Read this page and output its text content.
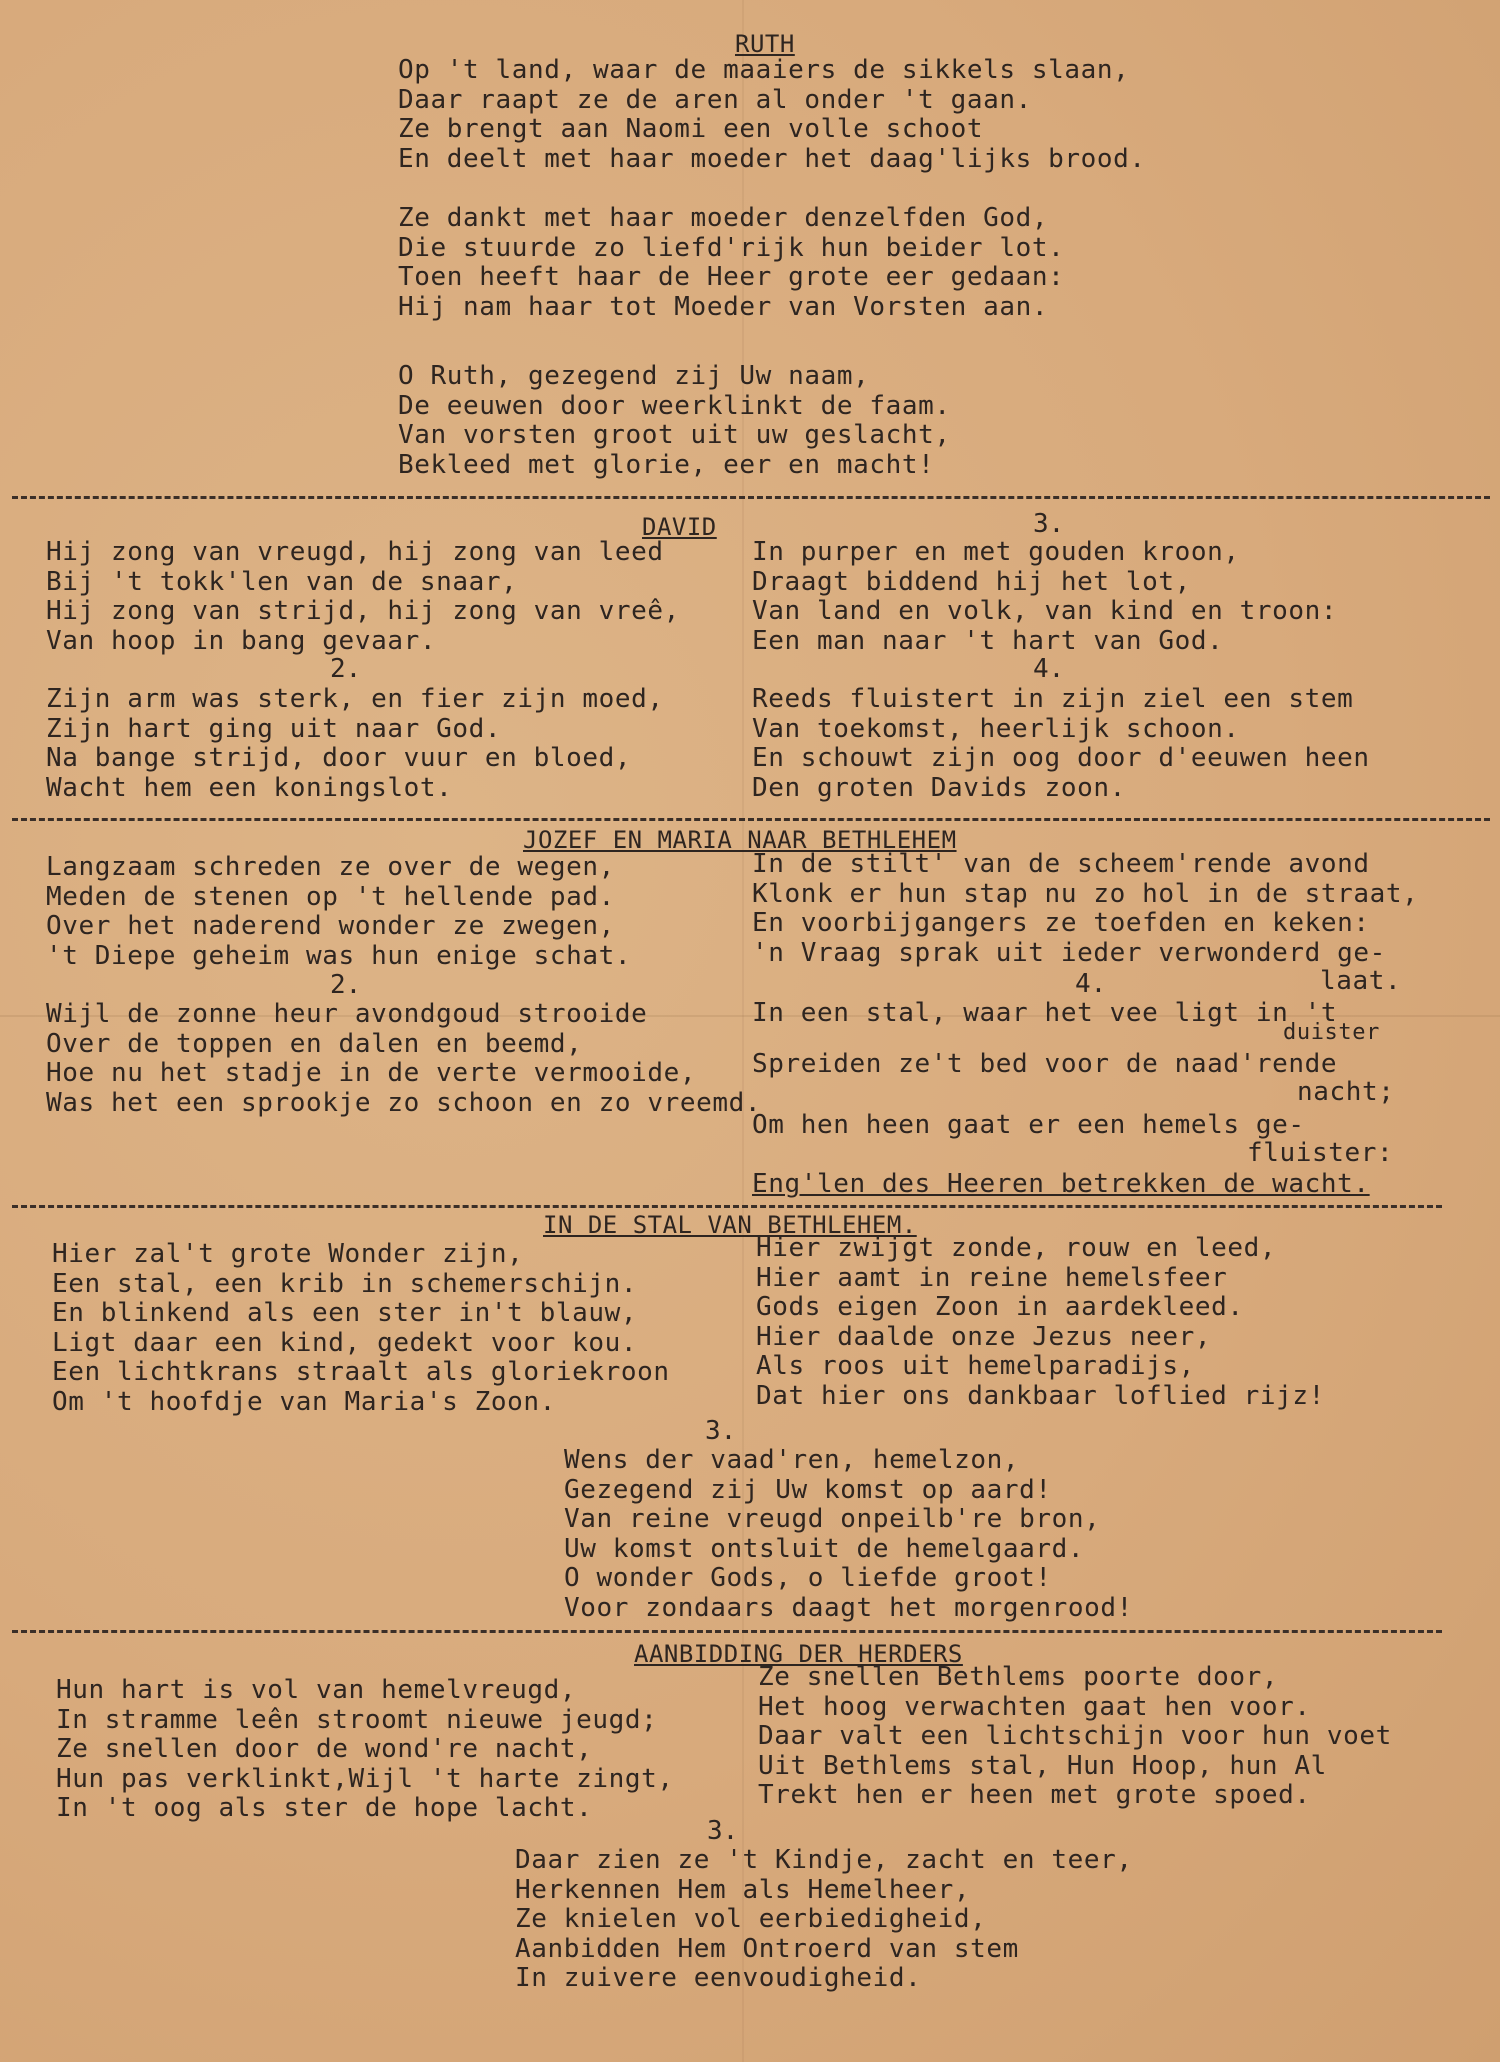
RUTH
Op 't land, waar de maaiers de sikkels slaan,
Daar raapt ze de aren al onder 't gaan.
Ze brengt aan Naomi een volle schoot
En deelt met haar moeder het daag'lijks brood.
Ze dankt met haar moeder denzelfden God,
Die stuurde zo liefd'rijk hun beider lot.
Toen heeft haar de Heer grote eer gedaan:
Hij nam haar tot Moeder van Vorsten aan.
O Ruth, gezegend zij Uw naam,
De eeuwen door weerklinkt de faam.
Van vorsten groot uit uw geslacht,
Bekleed met glorie, eer en macht!
DAVID	3.
Hij zong van vreugd, hij zong van leed
Bij 't tokk'len van de snaar,
Hij zong van strijd, hij zong van vreê,
Van hoop in bang gevaar.
2.
Zijn arm was sterk, en fier zijn moed,
Zijn hart ging uit naar God.
Na bange strijd, door vuur en bloed,
Wacht hem een koningslot.
In purper en met gouden kroon,
Draagt biddend hij het lot,
Van land en volk, van kind en troon:
Een man naar 't hart van God.
4.
Reeds fluistert in zijn ziel een stem
Van toekomst, heerlijk schoon.
En schouwt zijn oog door d'eeuwen heen
Den groten Davids zoon.
JOZEF EN MARIA NAAR BETHLEHEM
Langzaam schreden ze over de wegen,
Meden de stenen op 't hellende pad.
Over het naderend wonder ze zwegen,
't Diepe geheim was hun enige schat.
2.
Wijl de zonne heur avondgoud strooide
Over de toppen en dalen en beemd,
Hoe nu het stadje in de verte vermooide,
Was het een sprookje zo schoon en zo vreemd.
In de stilt' van de scheem'rende avond
Klonk er hun stap nu zo hol in de straat,
En voorbijgangers ze toefden en keken:
'n Vraag sprak uit ieder verwonderd ge-
laat.
4.
In een stal, waar het vee ligt in 't
duister
Spreiden ze't bed voor de naad'rende
nacht;
Om hen heen gaat er een hemels ge-
fluister:
Eng'len des Heeren betrekken de wacht.
IN DE STAL VAN BETHLEHEM.
Hier zal't grote Wonder zijn,
Een stal, een krib in schemerschijn.
En blinkend als een ster in't blauw,
Ligt daar een kind, gedekt voor kou.
Een lichtkrans straalt als gloriekroon
Om 't hoofdje van Maria's Zoon.
Hier zwijgt zonde, rouw en leed,
Hier aamt in reine hemelsfeer
Gods eigen Zoon in aardekleed.
Hier daalde onze Jezus neer,
Als roos uit hemelparadijs,
Dat hier ons dankbaar loflied rijz!
3.
Wens der vaad'ren, hemelzon,
Gezegend zij Uw komst op aard!
Van reine vreugd onpeilb're bron,
Uw komst ontsluit de hemelgaard.
O wonder Gods, o liefde groot!
Voor zondaars daagt het morgenrood!
AANBIDDING DER HERDERS
Hun hart is vol van hemelvreugd,
In stramme leên stroomt nieuwe jeugd;
Ze snellen door de wond're nacht,
Hun pas verklinkt,Wijl 't harte zingt,
In 't oog als ster de hope lacht.
Ze snellen Bethlems poorte door,
Het hoog verwachten gaat hen voor.
Daar valt een lichtschijn voor hun voet
Uit Bethlems stal, Hun Hoop, hun Al
Trekt hen er heen met grote spoed.
3.
Daar zien ze 't Kindje, zacht en teer,
Herkennen Hem als Hemelheer,
Ze knielen vol eerbiedigheid,
Aanbidden Hem Ontroerd van stem
In zuivere eenvoudigheid.
